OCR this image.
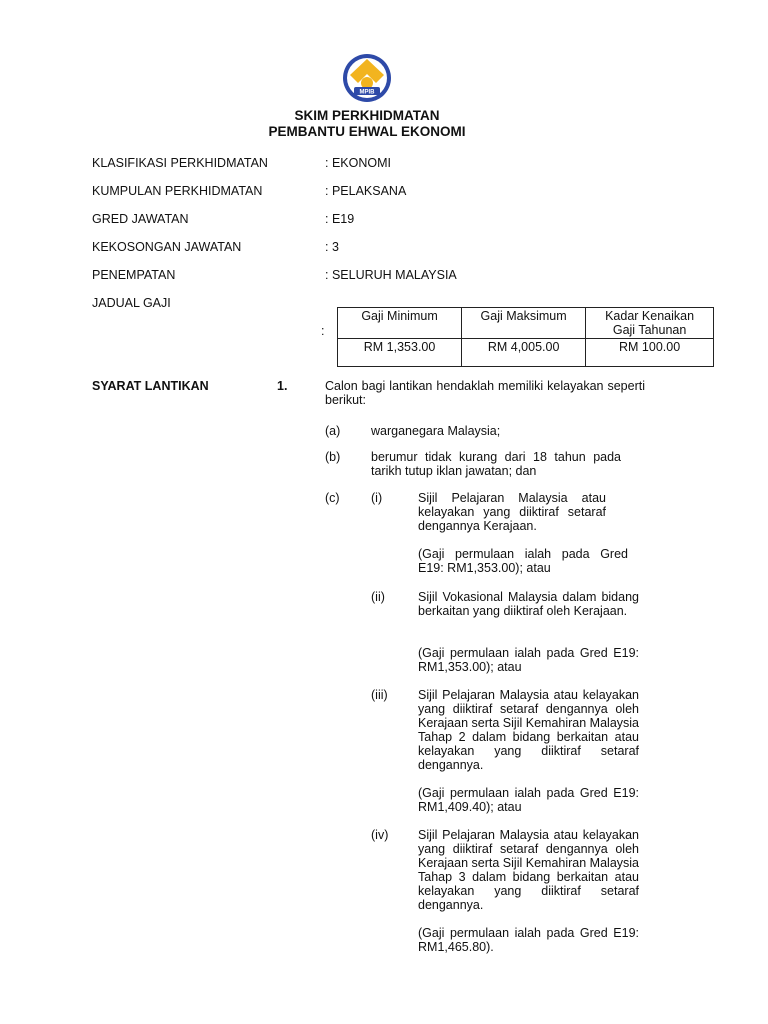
MPIB
SKIM PERKHIDMATAN
PEMBANTU EHWAL EKONOMI
KLASIFIKASI PERKHIDMATAN	: EKONOMI
KUMPULAN PERKHIDMATAN	: PELAKSANA
GRED JAWATAN	: E19
KEKOSONGAN JAWATAN	: 3
PENEMPATAN	: SELURUH MALAYSIA
JADUAL GAJI
:
Gaji Minimum	Gaji Maksimum	Kadar Kenaikan Gaji Tahunan
RM 1,353.00	RM 4,005.00	RM 100.00
SYARAT LANTIKAN	1.	Calon bagi lantikan hendaklah memiliki kelayakan seperti berikut:
(a) warganegara Malaysia;
(b) berumur tidak kurang dari 18 tahun pada tarikh tutup iklan jawatan; dan
(c)	(i)	Sijil Pelajaran Malaysia atau kelayakan yang diiktiraf setaraf dengannya Kerajaan.
(Gaji permulaan ialah pada Gred E19: RM1,353.00); atau
(ii)	Sijil Vokasional Malaysia dalam bidang berkaitan yang diiktiraf oleh Kerajaan.
(Gaji permulaan ialah pada Gred E19: RM1,353.00); atau
(iii) Sijil Pelajaran Malaysia atau kelayakan yang diiktiraf setaraf dengannya oleh Kerajaan serta Sijil Kemahiran Malaysia Tahap 2 dalam bidang berkaitan atau kelayakan yang diiktiraf setaraf dengannya.
(Gaji permulaan ialah pada Gred E19: RM1,409.40); atau
(iv) Sijil Pelajaran Malaysia atau kelayakan yang diiktiraf setaraf dengannya oleh Kerajaan serta Sijil Kemahiran Malaysia Tahap 3 dalam bidang berkaitan atau kelayakan yang diiktiraf setaraf dengannya.
(Gaji permulaan ialah pada Gred E19: RM1,465.80).
